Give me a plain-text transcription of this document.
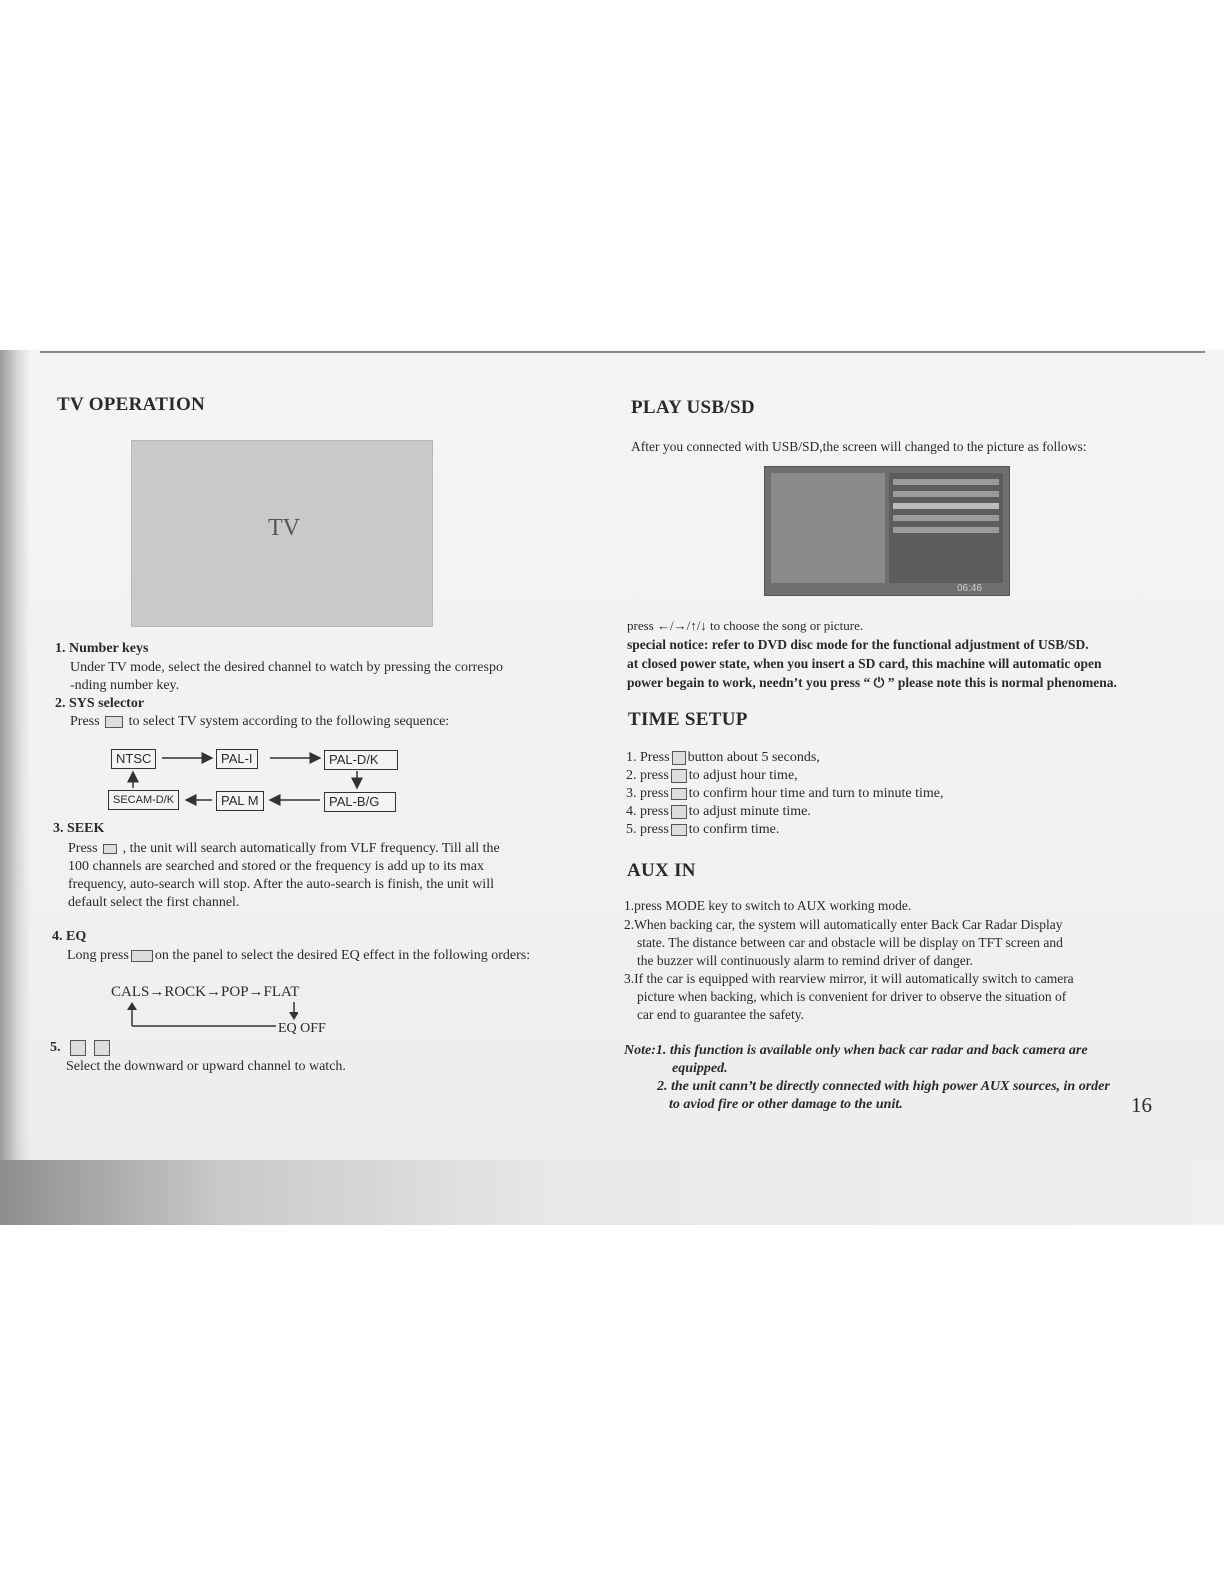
TV OPERATION
TV
1. Number keys
Under TV mode, select the desired channel to watch by pressing the correspo
-nding number key.
2. SYS selector
Press to select TV system according to the following sequence:
NTSC	PAL-I	PAL-D/K
SECAM-D/K	PAL M	PAL-B/G
3. SEEK
Press , the unit will search automatically from VLF frequency. Till all the
100 channels are searched and stored or the frequency is add up to its max
frequency, auto-search will stop. After the auto-search is finish, the unit will
default select the first channel.
4. EQ
Long press on the panel to select the desired EQ effect in the following orders:
CALS→ROCK→POP→FLAT
EQ OFF
5.
Select the downward or upward channel to watch.
PLAY USB/SD
After you connected with USB/SD,the screen will changed to the picture as follows:
06:46
press ←/→/↑/↓ to choose the song or picture.
special notice: refer to DVD disc mode for the functional adjustment of USB/SD.
at closed power state, when you insert a SD card, this machine will automatic open
power begain to work, needn’t you press “ ⏻ ” please note this is normal phenomena.
TIME SETUP
1. Press button about 5 seconds,
2. press to adjust hour time,
3. press to confirm hour time and turn to minute time,
4. press to adjust minute time.
5. press to confirm time.
AUX IN
1.press MODE key to switch to AUX working mode.
2.When backing car, the system will automatically enter Back Car Radar Display
state. The distance between car and obstacle will be display on TFT screen and
the buzzer will continuously alarm to remind driver of danger.
3.If the car is equipped with rearview mirror, it will automatically switch to camera
picture when backing, which is convenient for driver to observe the situation of
car end to guarantee the safety.
Note:1. this function is available only when back car radar and back camera are
equipped.
2. the unit cann’t be directly connected with high power AUX sources, in order
to aviod fire or other damage to the unit.	16
